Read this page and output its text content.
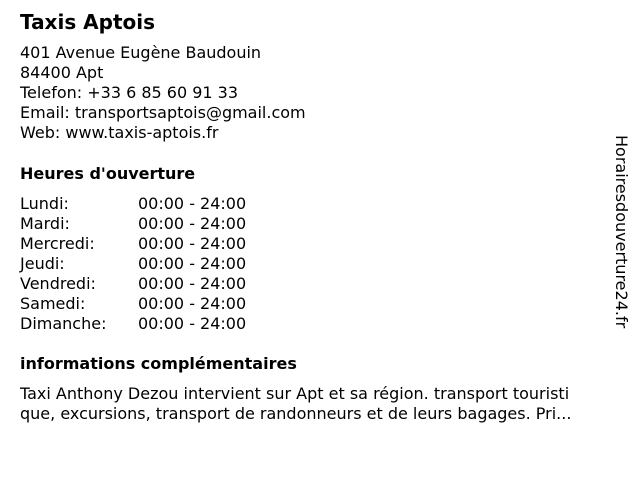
Taxis Aptois
401 Avenue Eugène Baudouin
84400 Apt
Telefon: +33 6 85 60 91 33
Email: transportsaptois@gmail.com
Web: www.taxis-aptois.fr
Heures d'ouverture
Lundi:	00:00 - 24:00
Mardi:	00:00 - 24:00
Mercredi:	00:00 - 24:00
Jeudi:	00:00 - 24:00
Vendredi:	00:00 - 24:00
Samedi:	00:00 - 24:00
Dimanche: 00:00 - 24:00
informations complémentaires
Taxi Anthony Dezou intervient sur Apt et sa région. transport touristi
que, excursions, transport de randonneurs et de leurs bagages. Pri...
Horairesdouverture24.fr
